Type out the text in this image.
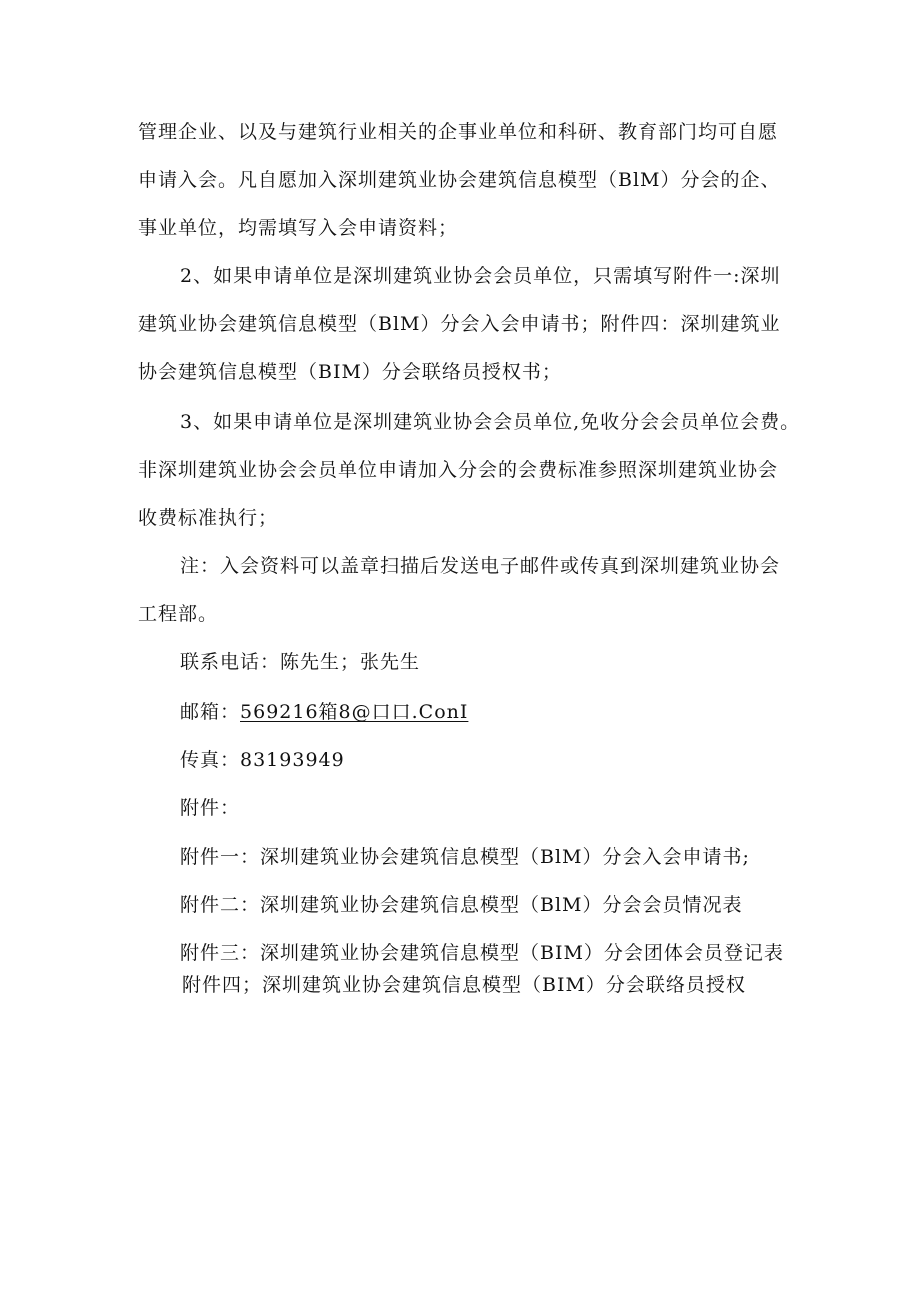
管理企业、以及与建筑行业相关的企事业单位和科研、教育部门均可自愿
申请入会。凡自愿加入深圳建筑业协会建筑信息模型（BlM）分会的企、
事业单位，均需填写入会申请资料；
2、如果申请单位是深圳建筑业协会会员单位，只需填写附件一:深圳
建筑业协会建筑信息模型（BlM）分会入会申请书；附件四：深圳建筑业
协会建筑信息模型（BIM）分会联络员授权书；
3、如果申请单位是深圳建筑业协会会员单位,免收分会会员单位会费。
非深圳建筑业协会会员单位申请加入分会的会费标准参照深圳建筑业协会
收费标准执行；
注：入会资料可以盖章扫描后发送电子邮件或传真到深圳建筑业协会
工程部。
联系电话：陈先生；张先生
邮箱：569216箱8@口口.ConI
传真：83193949
附件：
附件一：深圳建筑业协会建筑信息模型（BlM）分会入会申请书;
附件二：深圳建筑业协会建筑信息模型（BlM）分会会员情况表
附件三：深圳建筑业协会建筑信息模型（BIM）分会团体会员登记表
附件四；深圳建筑业协会建筑信息模型（BIM）分会联络员授权
